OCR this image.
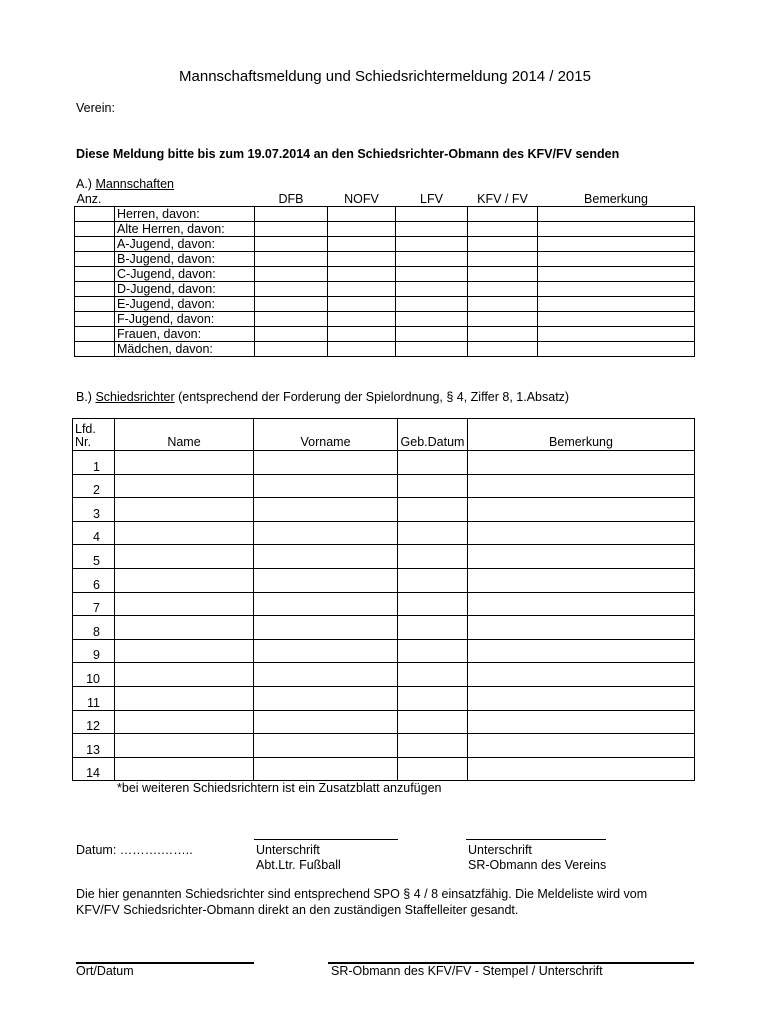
Mannschaftsmeldung und Schiedsrichtermeldung 2014 / 2015
Verein:
Diese Meldung bitte bis zum 19.07.2014 an den Schiedsrichter-Obmann des KFV/FV senden
A.) Mannschaften
Anz.		DFB	NOFV	LFV	KFV / FV	Bemerkung
	Herren, davon:					
	Alte Herren, davon:					
	A-Jugend, davon:					
	B-Jugend, davon:					
	C-Jugend, davon:					
	D-Jugend, davon:					
	E-Jugend, davon:					
	F-Jugend, davon:					
	Frauen, davon:					
	Mädchen, davon:					
B.) Schiedsrichter (entsprechend der Forderung der Spielordnung, § 4, Ziffer 8, 1.Absatz)
Lfd.
Nr.	Name	Vorname	Geb.Datum	Bemerkung
1				
2				
3				
4				
5				
6				
7				
8				
9				
10				
11				
12				
13				
14				
*bei weiteren Schiedsrichtern ist ein Zusatzblatt anzufügen
Datum: ……….……..	Unterschrift
Abt.Ltr. Fußball
Unterschrift
SR-Obmann des Vereins
Die hier genannten Schiedsrichter sind entsprechend SPO § 4 / 8 einsatzfähig. Die Meldeliste wird vom
KFV/FV Schiedsrichter-Obmann direkt an den zuständigen Staffelleiter gesandt.
Ort/Datum	SR-Obmann des KFV/FV - Stempel / Unterschrift
